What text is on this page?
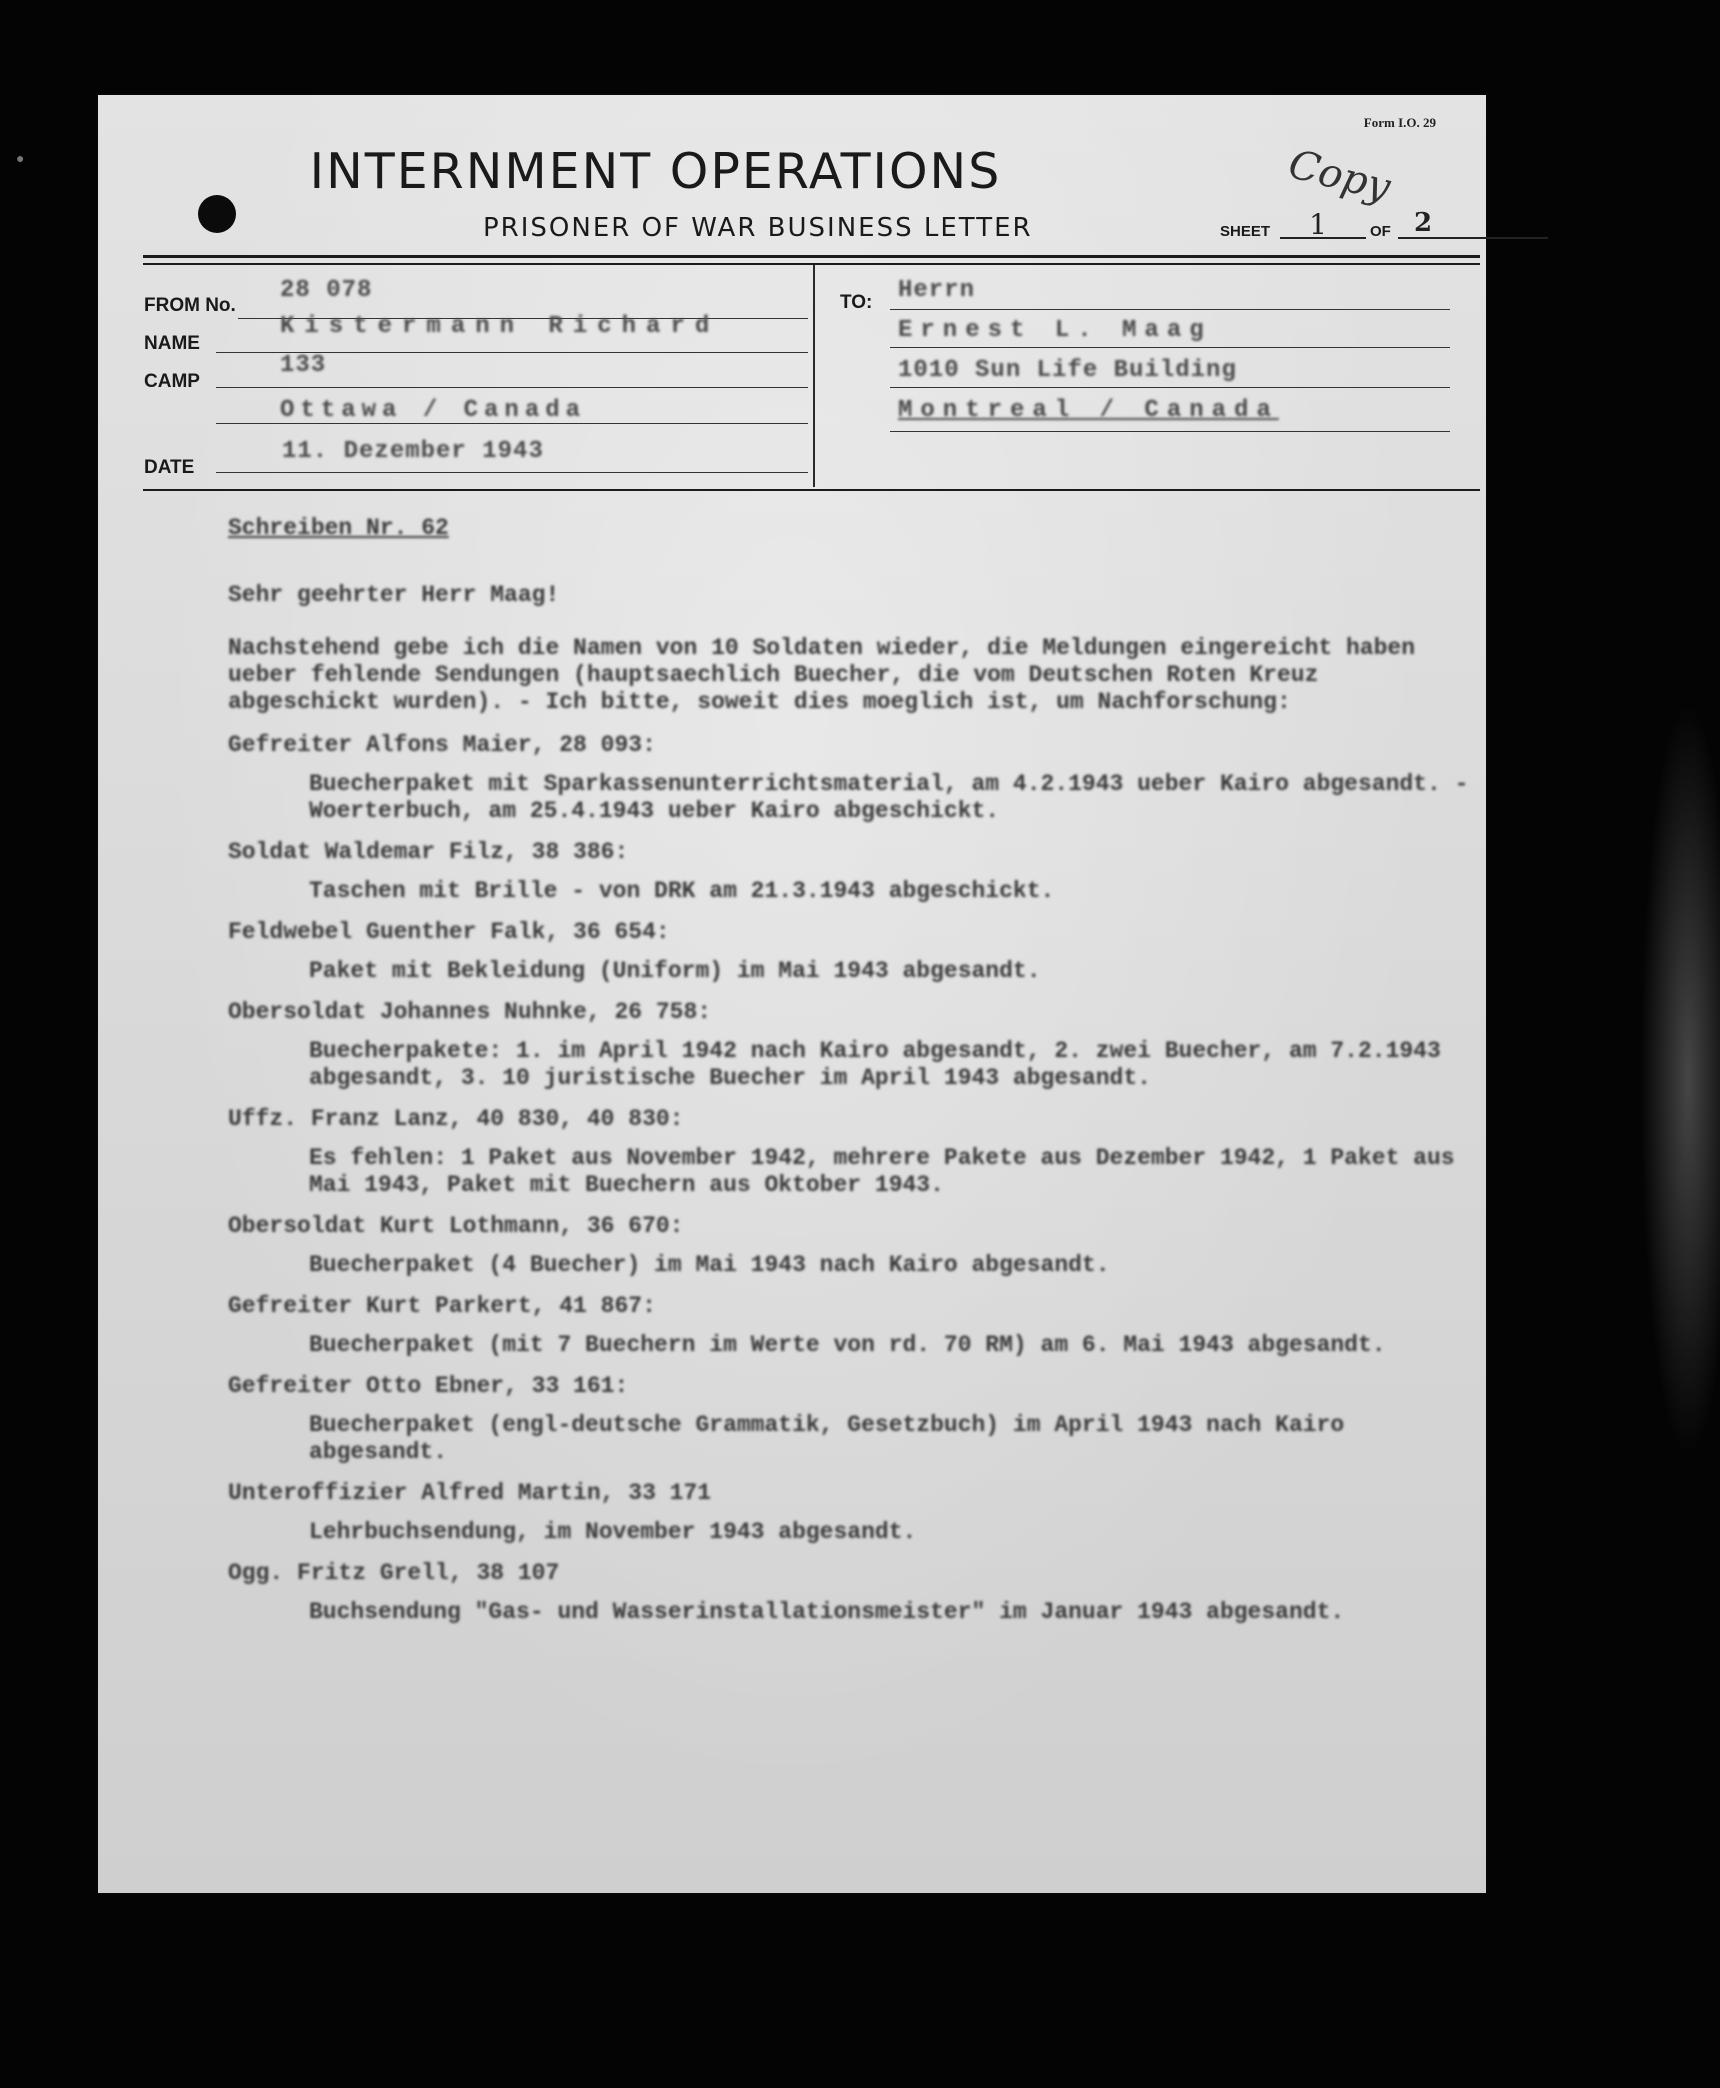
●
Form I.O. 29
Copy
INTERNMENT OPERATIONS
PRISONER OF WAR BUSINESS LETTER	SHEET	1	OF 2
FROM No.
28 078
NAME
Kistermann Richard
CAMP
133
Ottawa / Canada
DATE
11. Dezember 1943
TO: Herrn
Ernest L. Maag
1010 Sun Life Building
Montreal / Canada
Schreiben Nr. 62
Sehr geehrter Herr Maag!
Nachstehend gebe ich die Namen von 10 Soldaten wieder, die Meldungen eingereicht haben ueber fehlende Sendungen (hauptsaechlich Buecher, die vom Deutschen Roten Kreuz abgeschickt wurden). - Ich bitte, soweit dies moeglich ist, um Nachforschung:
Gefreiter Alfons Maier, 28 093:
Buecherpaket mit Sparkassenunterrichtsmaterial, am 4.2.1943 ueber Kairo abgesandt. - Woerterbuch, am 25.4.1943 ueber Kairo abgeschickt.
Soldat Waldemar Filz, 38 386:
Taschen mit Brille - von DRK am 21.3.1943 abgeschickt.
Feldwebel Guenther Falk, 36 654:
Paket mit Bekleidung (Uniform) im Mai 1943 abgesandt.
Obersoldat Johannes Nuhnke, 26 758:
Buecherpakete: 1. im April 1942 nach Kairo abgesandt, 2. zwei Buecher, am 7.2.1943 abgesandt, 3. 10 juristische Buecher im April 1943 abgesandt.
Uffz. Franz Lanz, 40 830, 40 830:
Es fehlen: 1 Paket aus November 1942, mehrere Pakete aus Dezember 1942, 1 Paket aus Mai 1943, Paket mit Buechern aus Oktober 1943.
Obersoldat Kurt Lothmann, 36 670:
Buecherpaket (4 Buecher) im Mai 1943 nach Kairo abgesandt.
Gefreiter Kurt Parkert, 41 867:
Buecherpaket (mit 7 Buechern im Werte von rd. 70 RM) am 6. Mai 1943 abgesandt.
Gefreiter Otto Ebner, 33 161:
Buecherpaket (engl-deutsche Grammatik, Gesetzbuch) im April 1943 nach Kairo abgesandt.
Unteroffizier Alfred Martin, 33 171
Lehrbuchsendung, im November 1943 abgesandt.
Ogg. Fritz Grell, 38 107
Buchsendung "Gas- und Wasserinstallationsmeister" im Januar 1943 abgesandt.
